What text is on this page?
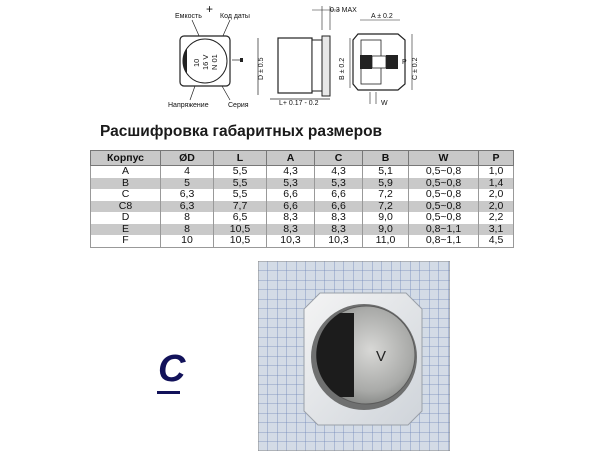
Емкость
+
Код даты
10 16 V N 01
Напряжение	Серия
D ± 0.5
L+ 0.17 - 0.2
0.3 MAX
A ± 0.2
B ± 0.2	P C ± 0.2
W
Расшифровка габаритных размеров
Корпус	ØD	L	A	C	B	W	P
A	4	5,5	4,3	4,3	5,1	0,5~0,8	1,0
B	5	5,5	5,3	5,3	5,9	0,5~0,8	1,4
C	6,3	5,5	6,6	6,6	7,2	0,5~0,8	2,0
C8	6,3	7,7	6,6	6,6	7,2	0,5~0,8	2,0
D	8	6,5	8,3	8,3	9,0	0,5~0,8	2,2
E	8	10,5	8,3	8,3	9,0	0,8~1,1	3,1
F	10	10,5	10,3	10,3	11,0	0,8~1,1	4,5
C	V
